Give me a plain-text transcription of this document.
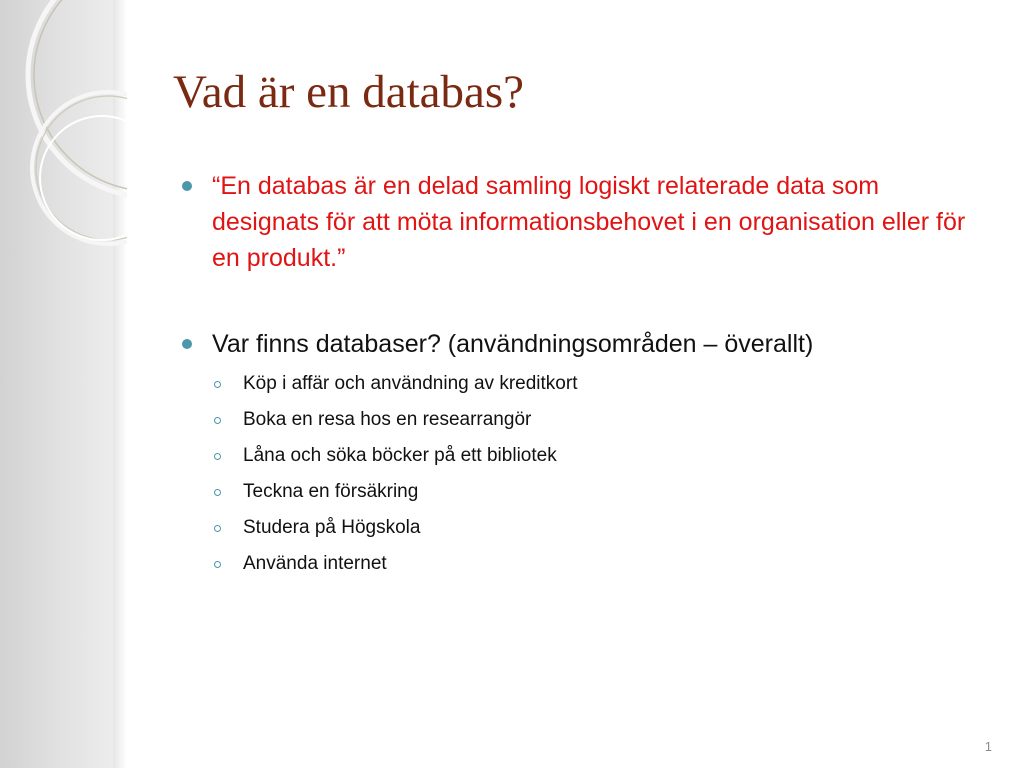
Vad är en databas?
“En databas är en delad samling logiskt relaterade data som designats för att möta informationsbehovet i en organisation eller för en produkt.”
Var finns databaser? (användningsområden – överallt)
Köp i affär och användning av kreditkort
Boka en resa hos en researrangör
Låna och söka böcker på ett bibliotek
Teckna en försäkring
Studera på Högskola
Använda internet
1
